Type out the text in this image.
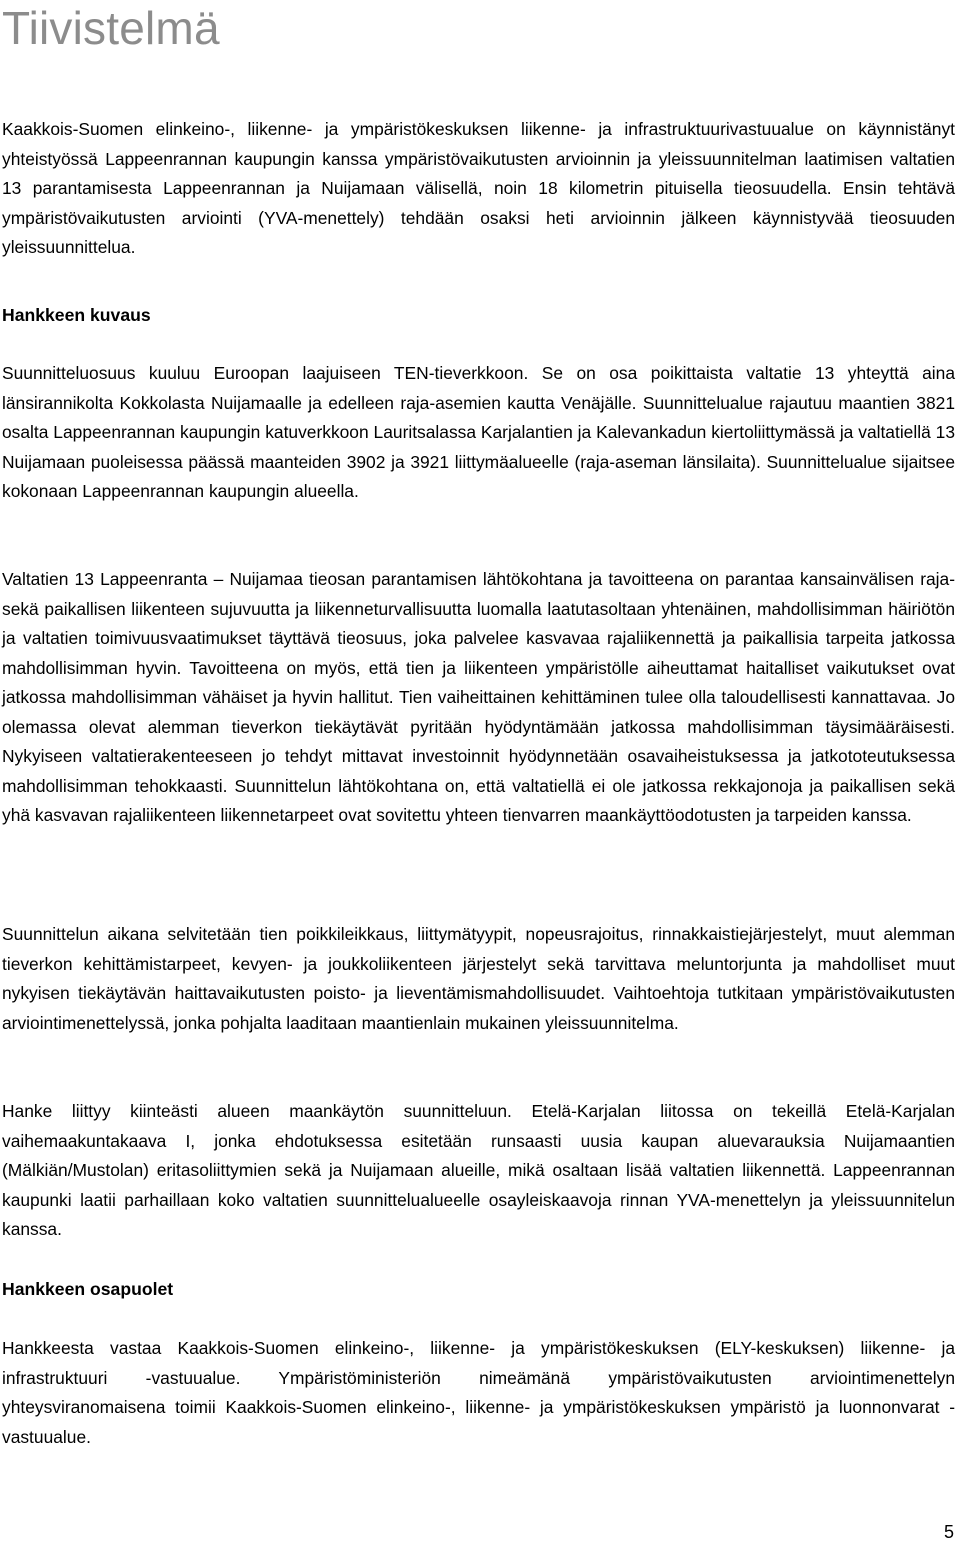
Tiivistelmä

Kaakkois-Suomen elinkeino-, liikenne- ja ympäristökeskuksen liikenne- ja infrastruktuurivastuualue on käynnistänyt yhteistyössä Lappeenrannan kaupungin kanssa ympäristövaikutusten arvioinnin ja yleissuunnitelman laatimisen valtatien 13 parantamisesta Lappeenrannan ja Nuijamaan välisellä, noin 18 kilometrin pituisella tieosuudella. Ensin tehtävä ympäristövaikutusten arviointi (YVA-menettely) tehdään osaksi heti arvioinnin jälkeen käynnistyvää tieosuuden yleissuunnittelua.

Hankkeen kuvaus

Suunnitteluosuus kuuluu Euroopan laajuiseen TEN-tieverkkoon. Se on osa poikittaista valtatie 13 yhteyttä aina länsirannikolta Kokkolasta Nuijamaalle ja edelleen raja-asemien kautta Venäjälle. Suunnittelualue rajautuu maantien 3821 osalta Lappeenrannan kaupungin katuverkkoon Lauritsalassa Karjalantien ja Kalevankadun kiertoliittymässä ja valtatiellä 13 Nuijamaan puoleisessa päässä maanteiden 3902 ja 3921 liittymäalueelle (raja-aseman länsilaita). Suunnittelualue sijaitsee kokonaan Lappeenrannan kaupungin alueella.

Valtatien 13 Lappeenranta – Nuijamaa tieosan parantamisen lähtökohtana ja tavoitteena on parantaa kansainvälisen raja- sekä paikallisen liikenteen sujuvuutta ja liikenneturvallisuutta luomalla laatutasoltaan yhtenäinen, mahdollisimman häiriötön ja valtatien toimivuusvaatimukset täyttävä tieosuus, joka palvelee kasvavaa rajaliikennettä ja paikallisia tarpeita jatkossa mahdollisimman hyvin. Tavoitteena on myös, että tien ja liikenteen ympäristölle aiheuttamat haitalliset vaikutukset ovat jatkossa mahdollisimman vähäiset ja hyvin hallitut. Tien vaiheittainen kehittäminen tulee olla taloudellisesti kannattavaa. Jo olemassa olevat alemman tieverkon tiekäytävät pyritään hyödyntämään jatkossa mahdollisimman täysimääräisesti. Nykyiseen valtatierakenteeseen jo tehdyt mittavat investoinnit hyödynnetään osavaiheistuksessa ja jatkototeutuksessa mahdollisimman tehokkaasti. Suunnittelun lähtökohtana on, että valtatiellä ei ole jatkossa rekkajonoja ja paikallisen sekä yhä kasvavan rajaliikenteen liikennetarpeet ovat sovitettu yhteen tienvarren maankäyttöodotusten ja tarpeiden kanssa.

Suunnittelun aikana selvitetään tien poikkileikkaus, liittymätyypit, nopeusrajoitus, rinnakkaistiejärjestelyt, muut alemman tieverkon kehittämistarpeet, kevyen- ja joukkoliikenteen järjestelyt sekä tarvittava meluntorjunta ja mahdolliset muut nykyisen tiekäytävän haittavaikutusten poisto- ja lieventämismahdollisuudet. Vaihtoehtoja tutkitaan ympäristövaikutusten arviointimenettelyssä, jonka pohjalta laaditaan maantienlain mukainen yleissuunnitelma.

Hanke liittyy kiinteästi alueen maankäytön suunnitteluun. Etelä-Karjalan liitossa on tekeillä Etelä-Karjalan vaihemaakuntakaava I, jonka ehdotuksessa esitetään runsaasti uusia kaupan aluevarauksia Nuijamaantien (Mälkiän/Mustolan) eritasoliittymien sekä ja Nuijamaan alueille, mikä osaltaan lisää valtatien liikennettä. Lappeenrannan kaupunki laatii parhaillaan koko valtatien suunnittelualueelle osayleiskaavoja rinnan YVA-menettelyn ja yleissuunnitelun kanssa.

Hankkeen osapuolet

Hankkeesta vastaa Kaakkois-Suomen elinkeino-, liikenne- ja ympäristökeskuksen (ELY-keskuksen) liikenne- ja infrastruktuuri -vastuualue. Ympäristöministeriön nimeämänä ympäristövaikutusten arviointimenettelyn yhteysviranomaisena toimii Kaakkois-Suomen elinkeino-, liikenne- ja ympäristökeskuksen ympäristö ja luonnonvarat -vastuualue.

5
